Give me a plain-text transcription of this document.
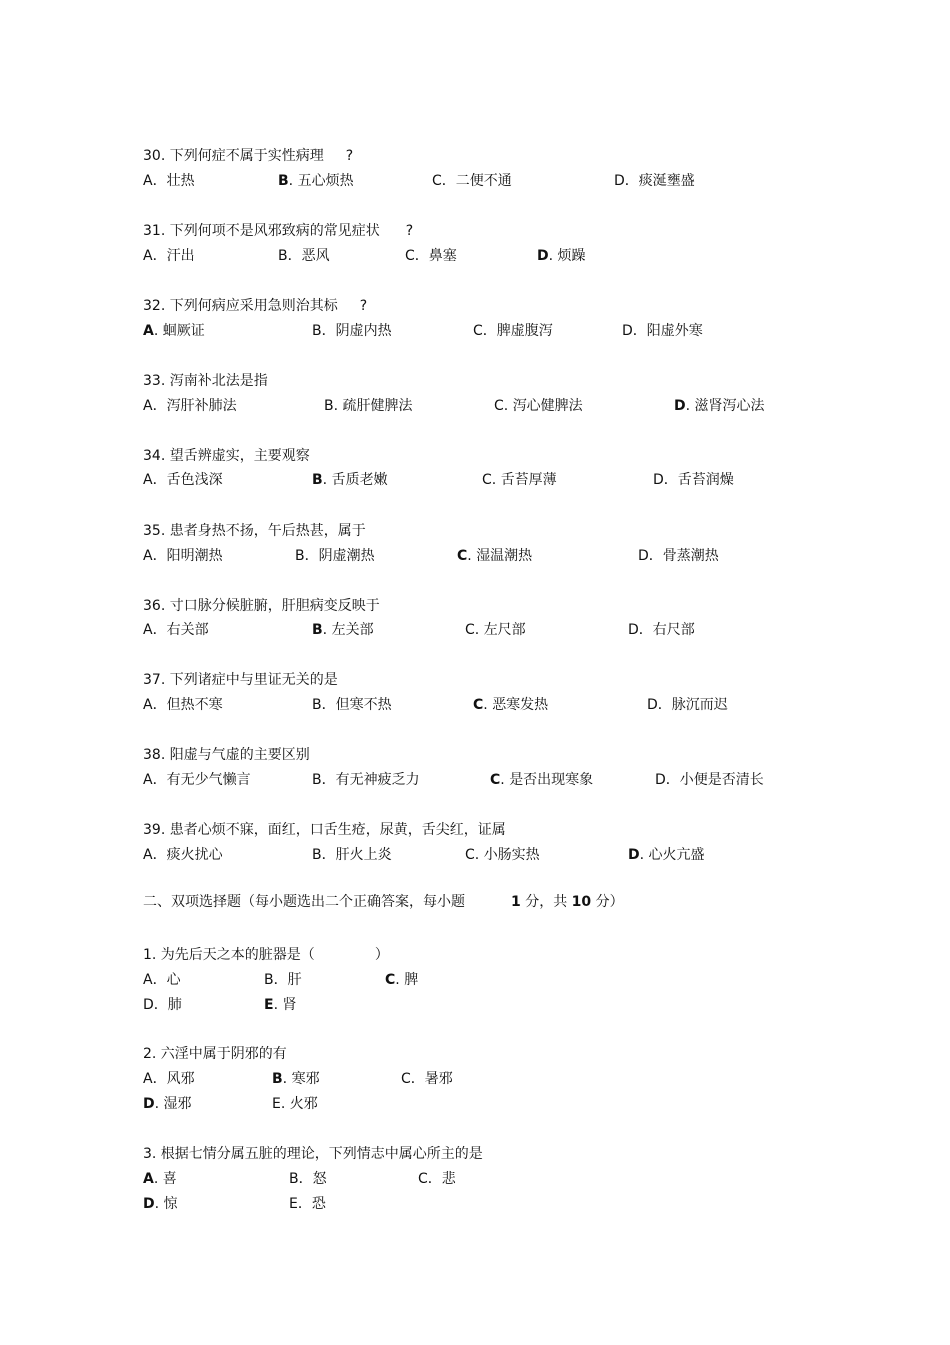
30. 下列何症不属于实性病理 ?
A．壮热	B. 五心烦热	C．二便不通	D．痰涎壅盛
31. 下列何项不是风邪致病的常见症状 ?
A．汗出	B．恶风	C．鼻塞	D. 烦躁
32. 下列何病应采用急则治其标 ?
A. 蛔厥证	B．阴虚内热	C．脾虚腹泻	D．阳虚外寒
33. 泻南补北法是指
A．泻肝补肺法	B. 疏肝健脾法	C. 泻心健脾法	D. 滋肾泻心法
34. 望舌辨虚实，主要观察
A．舌色浅深	B. 舌质老嫩	C. 舌苔厚薄	D．舌苔润燥
35. 患者身热不扬，午后热甚，属于
A．阳明潮热	B．阴虚潮热	C. 湿温潮热	D．骨蒸潮热
36. 寸口脉分候脏腑，肝胆病变反映于
A．右关部	B. 左关部	C. 左尺部	D．右尺部
37. 下列诸症中与里证无关的是
A．但热不寒	B．但寒不热	C. 恶寒发热	D．脉沉而迟
38. 阳虚与气虚的主要区别
A．有无少气懒言	B．有无神疲乏力	C. 是否出现寒象	D．小便是否清长
39. 患者心烦不寐，面红，口舌生疮，尿黄，舌尖红，证属
A．痰火扰心	B．肝火上炎	C. 小肠实热	D. 心火亢盛
二、双项选择题（每小题选出二个正确答案，每小题	1 分，共 10 分）
1. 为先后天之本的脏器是（	）
A．心	B．肝	C. 脾
D．肺	E. 肾
2. 六淫中属于阴邪的有
A．风邪	B. 寒邪	C．暑邪
D. 湿邪	E. 火邪
3. 根据七情分属五脏的理论，下列情志中属心所主的是
A. 喜	B．怒	C．悲
D. 惊	E．恐
